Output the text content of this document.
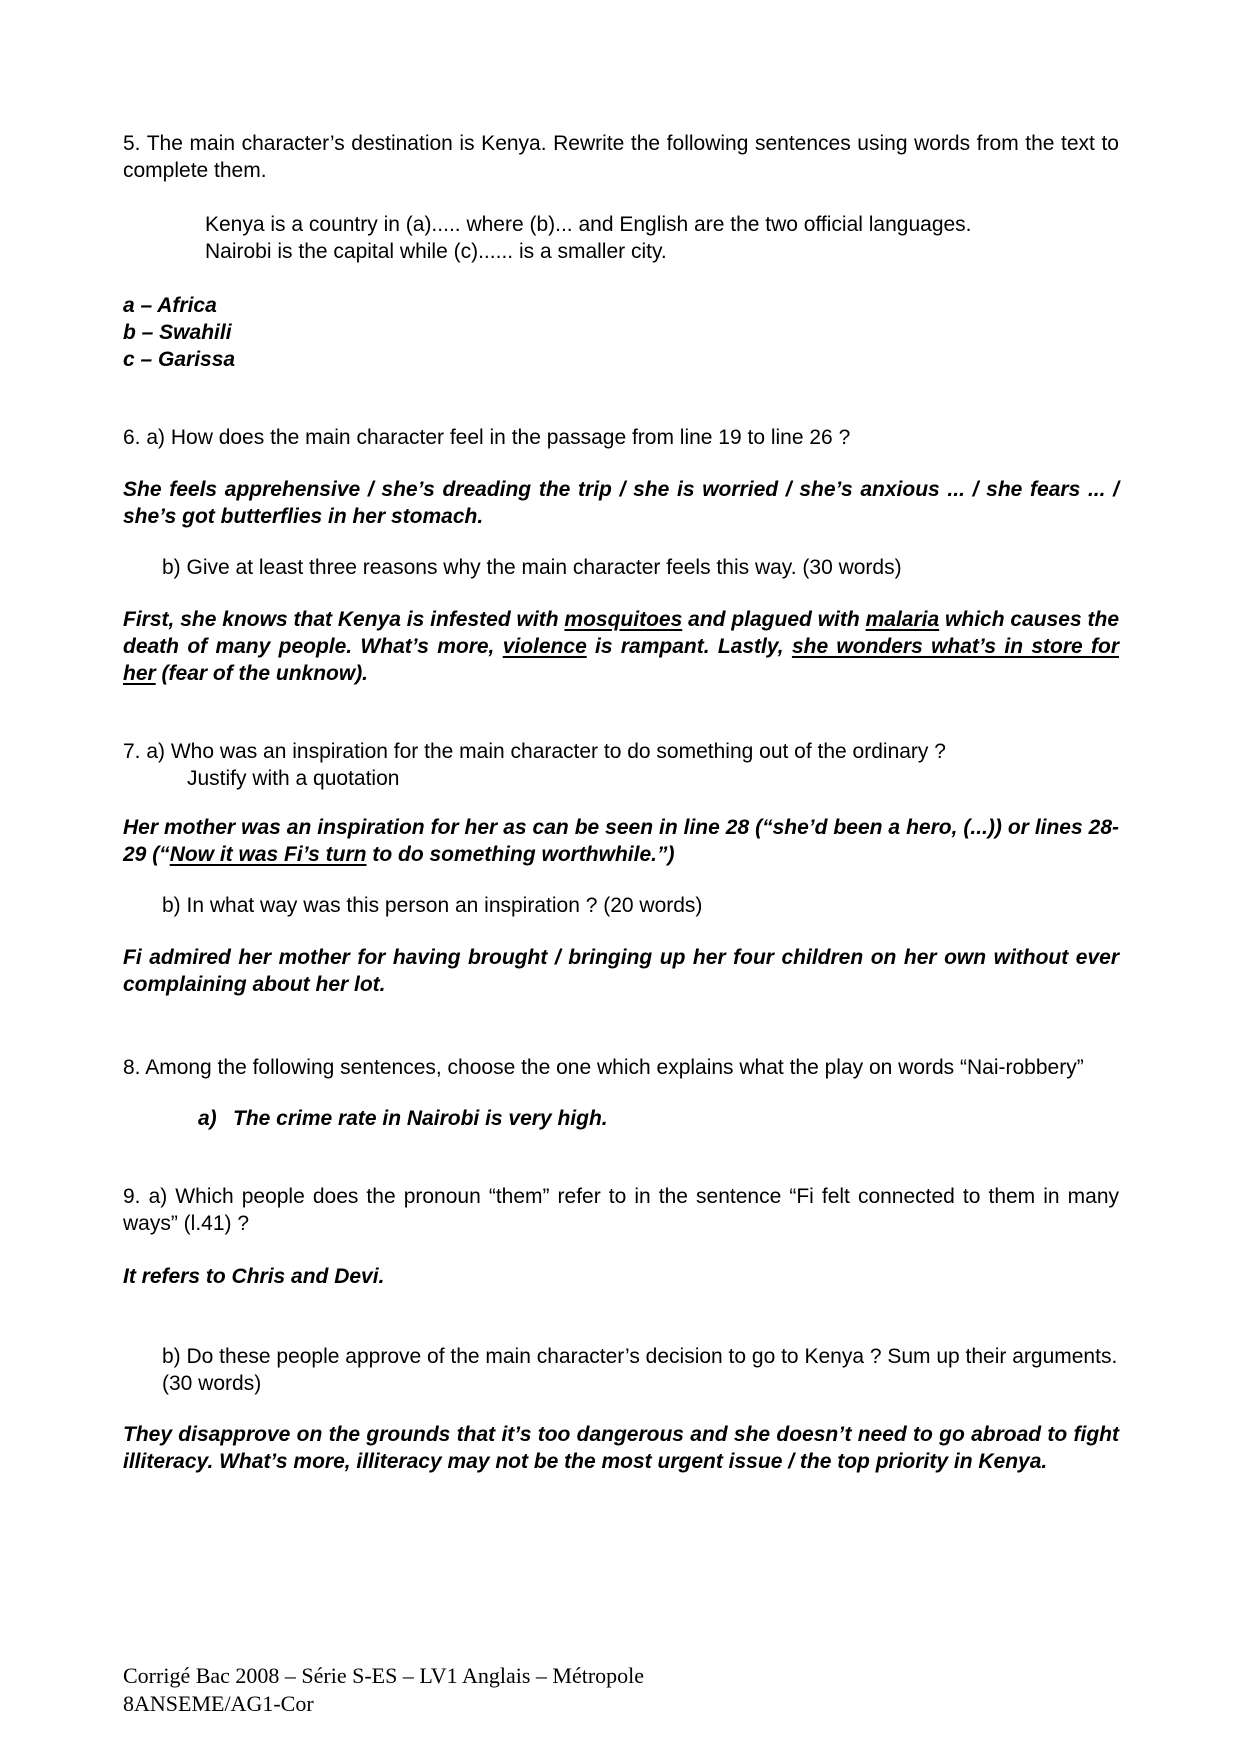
5. The main character’s destination is Kenya. Rewrite the following sentences using words from the text to complete them.

Kenya is a country in (a)..... where (b)... and English are the two official languages.
Nairobi is the capital while (c)...... is a smaller city.
a – Africa
b – Swahili
c – Garissa

6. a) How does the main character feel in the passage from line 19 to line 26 ?

She feels apprehensive / she’s dreading the trip / she is worried / she’s anxious ... / she fears ... / she’s got butterflies in her stomach.

b) Give at least three reasons why the main character feels this way. (30 words)

First, she knows that Kenya is infested with mosquitoes and plagued with malaria which causes the death of many people. What’s more, violence is rampant. Lastly, she wonders what’s in store for her (fear of the unknow).

7. a) Who was an inspiration for the main character to do something out of the ordinary ?
Justify with a quotation

Her mother was an inspiration for her as can be seen in line 28 (“she’d been a hero, (...)) or lines 28-29 (“Now it was Fi’s turn to do something worthwhile.”)

b) In what way was this person an inspiration ? (20 words)

Fi admired her mother for having brought / bringing up her four children on her own without ever complaining about her lot.

8. Among the following sentences, choose the one which explains what the play on words “Nai-robbery”

a) The crime rate in Nairobi is very high.

9. a) Which people does the pronoun “them” refer to in the sentence “Fi felt connected to them in many ways” (l.41) ?

It refers to Chris and Devi.

b) Do these people approve of the main character’s decision to go to Kenya ? Sum up their arguments. (30 words)

They disapprove on the grounds that it’s too dangerous and she doesn’t need to go abroad to fight illiteracy. What’s more, illiteracy may not be the most urgent issue / the top priority in Kenya.

Corrigé Bac 2008 – Série S-ES – LV1 Anglais – Métropole
8ANSEME/AG1-Cor
